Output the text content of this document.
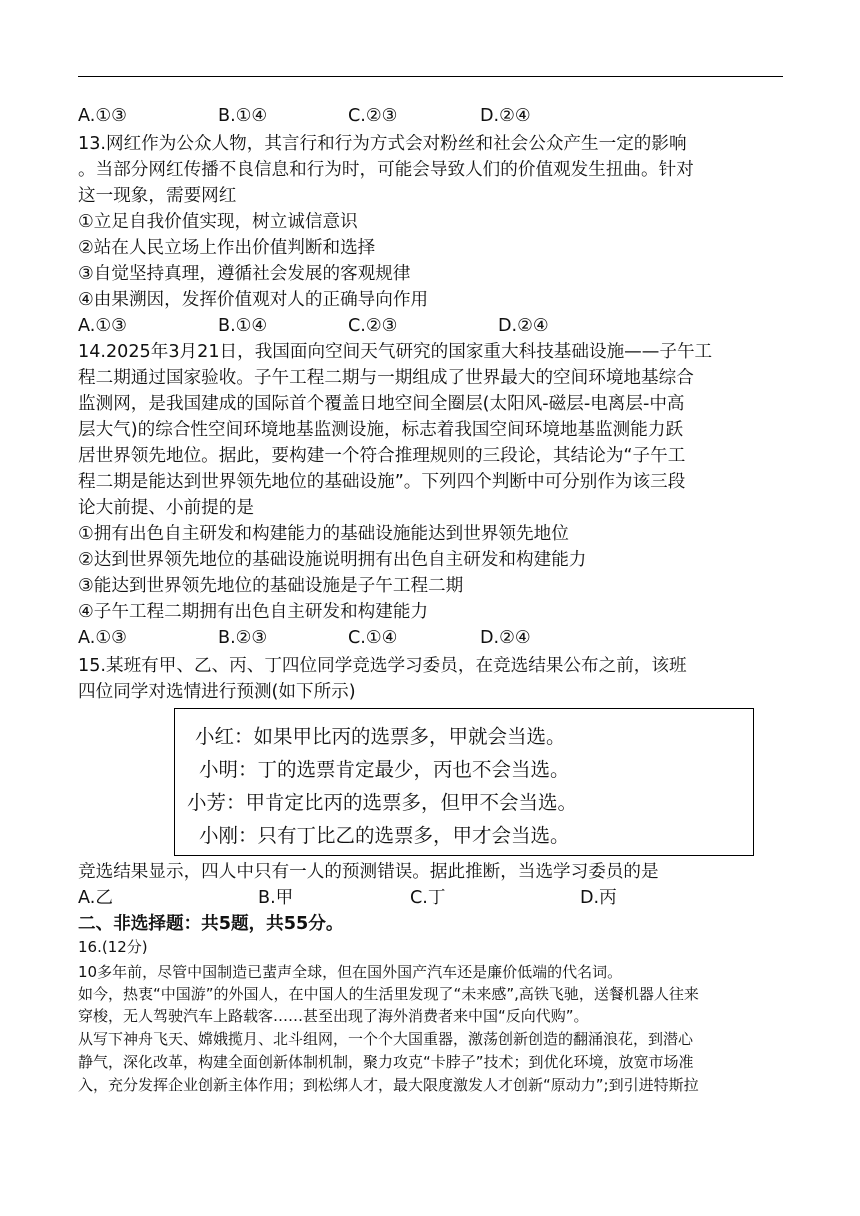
A.①③	B.①④	C.②③	D.②④
13.网红作为公众人物，其言行和行为方式会对粉丝和社会公众产生一定的影响
。当部分网红传播不良信息和行为时，可能会导致人们的价值观发生扭曲。针对
这一现象，需要网红
①立足自我价值实现，树立诚信意识
②站在人民立场上作出价值判断和选择
③自觉坚持真理，遵循社会发展的客观规律
④由果溯因，发挥价值观对人的正确导向作用
A.①③	B.①④	C.②③	D.②④
14.2025年3月21日，我国面向空间天气研究的国家重大科技基础设施——子午工
程二期通过国家验收。子午工程二期与一期组成了世界最大的空间环境地基综合
监测网，是我国建成的国际首个覆盖日地空间全圈层(太阳风-磁层-电离层-中高
层大气)的综合性空间环境地基监测设施，标志着我国空间环境地基监测能力跃
居世界领先地位。据此，要构建一个符合推理规则的三段论，其结论为“子午工
程二期是能达到世界领先地位的基础设施”。下列四个判断中可分别作为该三段
论大前提、小前提的是
①拥有出色自主研发和构建能力的基础设施能达到世界领先地位
②达到世界领先地位的基础设施说明拥有出色自主研发和构建能力
③能达到世界领先地位的基础设施是子午工程二期
④子午工程二期拥有出色自主研发和构建能力
A.①③	B.②③	C.①④	D.②④
15.某班有甲、乙、丙、丁四位同学竞选学习委员，在竞选结果公布之前，该班
四位同学对选情进行预测(如下所示)
小红：如果甲比丙的选票多，甲就会当选。
小明：丁的选票肯定最少，丙也不会当选。
小芳：甲肯定比丙的选票多，但甲不会当选。
小刚：只有丁比乙的选票多，甲才会当选。
竞选结果显示，四人中只有一人的预测错误。据此推断，当选学习委员的是
A.乙	B.甲	C.丁	D.丙
二、非选择题：共5题，共55分。
16.(12分)
10多年前，尽管中国制造已蜚声全球，但在国外国产汽车还是廉价低端的代名词。
如今，热衷“中国游”的外国人，在中国人的生活里发现了“未来感”,高铁飞驰，送餐机器人往来
穿梭，无人驾驶汽车上路载客……甚至出现了海外消费者来中国“反向代购”。
从写下神舟飞天、嫦娥揽月、北斗组网，一个个大国重器，激荡创新创造的翻涌浪花，到潜心
静气，深化改革，构建全面创新体制机制，聚力攻克“卡脖子”技术；到优化环境，放宽市场准
入，充分发挥企业创新主体作用；到松绑人才，最大限度激发人才创新“原动力”;到引进特斯拉
